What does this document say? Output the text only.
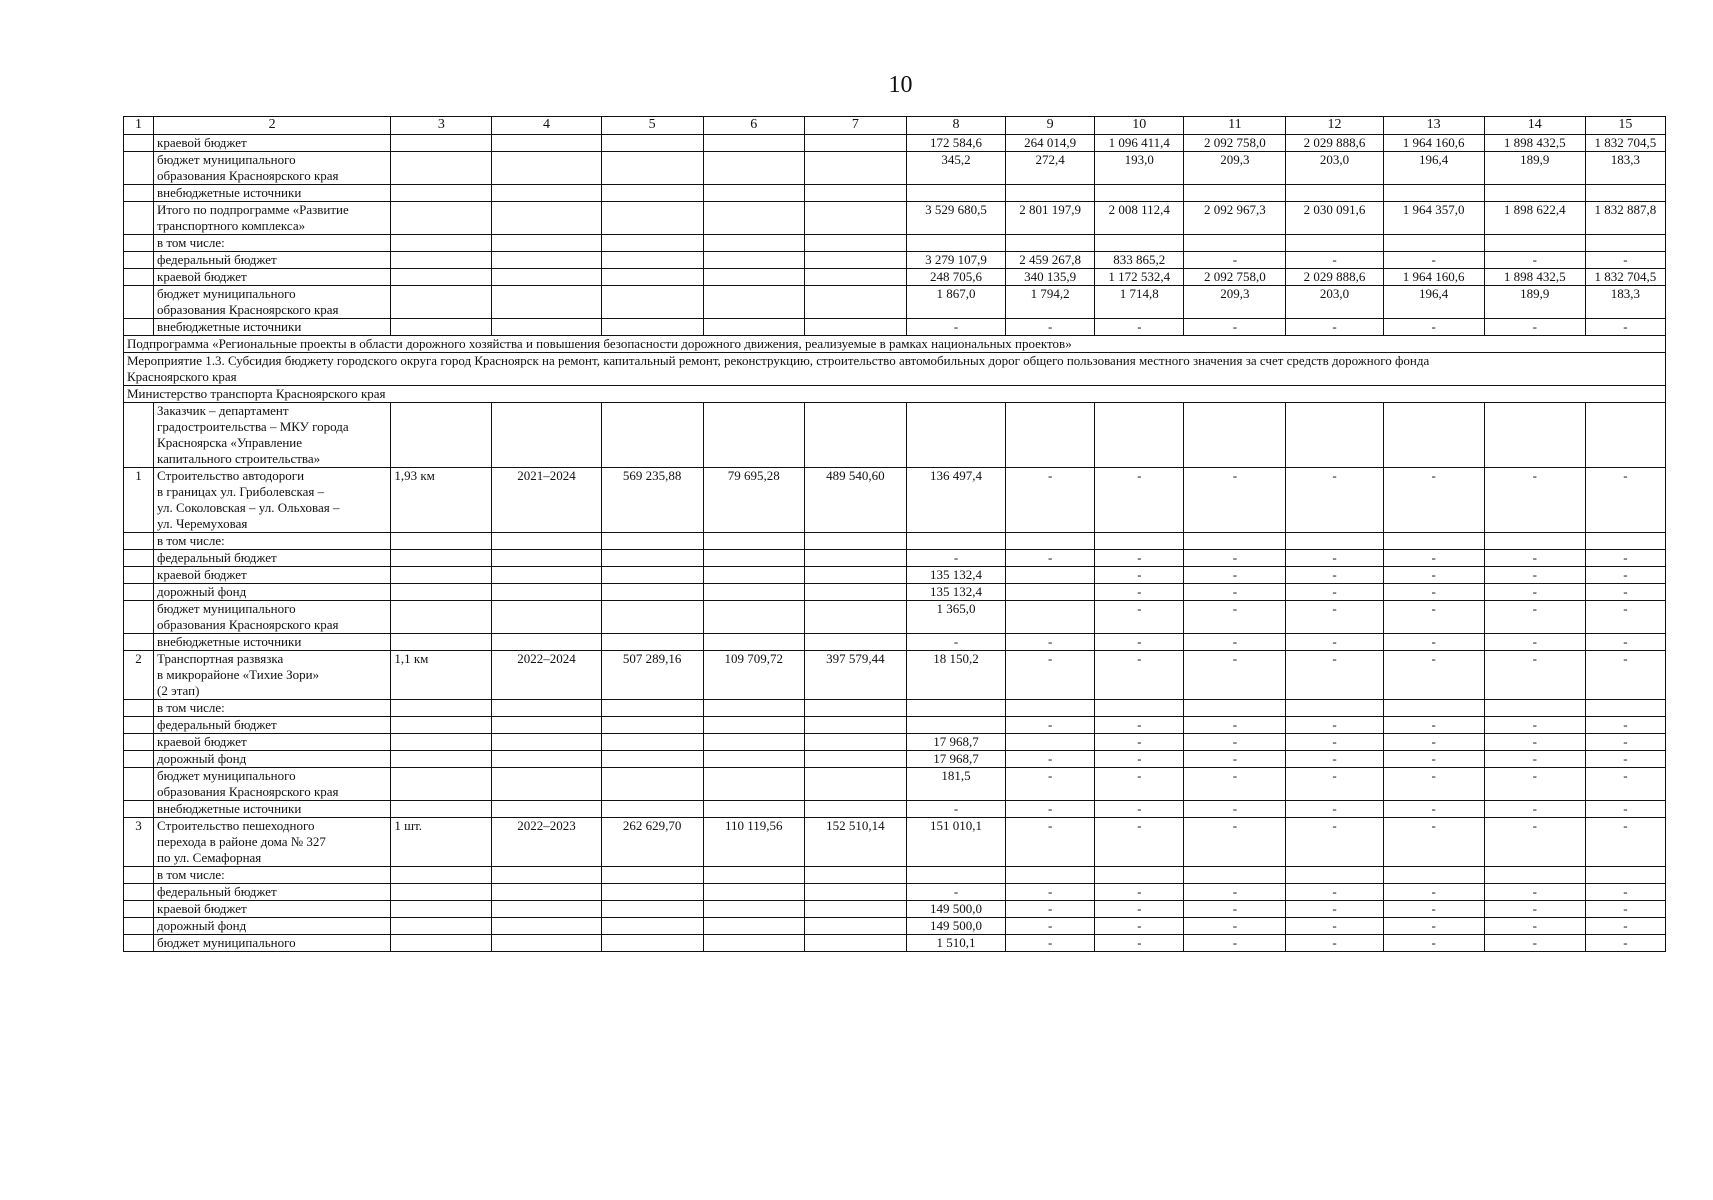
10
1	2	3	4	5	6	7	8	9	10	11	12	13	14	15
	краевой бюджет						172 584,6	264 014,9	1 096 411,4	2 092 758,0	2 029 888,6	1 964 160,6	1 898 432,5	1 832 704,5
	бюджет муниципального
образования Красноярского края						345,2	272,4	193,0	209,3	203,0	196,4	189,9	183,3
	внебюджетные источники													
	Итого по подпрограмме «Развитие
транспортного комплекса»						3 529 680,5	2 801 197,9	2 008 112,4	2 092 967,3	2 030 091,6	1 964 357,0	1 898 622,4	1 832 887,8
	в том числе:													
	федеральный бюджет						3 279 107,9	2 459 267,8	833 865,2	-	-	-	-	-
	краевой бюджет						248 705,6	340 135,9	1 172 532,4	2 092 758,0	2 029 888,6	1 964 160,6	1 898 432,5	1 832 704,5
	бюджет муниципального
образования Красноярского края						1 867,0	1 794,2	1 714,8	209,3	203,0	196,4	189,9	183,3
	внебюджетные источники						-	-	-	-	-	-	-	-
Подпрограмма «Региональные проекты в области дорожного хозяйства и повышения безопасности дорожного движения, реализуемые в рамках национальных проектов»														
Мероприятие 1.3. Субсидия бюджету городского округа город Красноярск на ремонт, капитальный ремонт, реконструкцию, строительство автомобильных дорог общего пользования местного значения за счет средств дорожного фонда
Красноярского края														
Министерство транспорта Красноярского края														
	Заказчик – департамент
градостроительства – МКУ города
Красноярска «Управление
капитального строительства»													
1	Строительство автодороги
в границах ул. Гриболевская –
ул. Соколовская – ул. Ольховая –
ул. Черемуховая	1,93 км	2021–2024	569 235,88	79 695,28	489 540,60	136 497,4	-	-	-	-	-	-	-
	в том числе:													
	федеральный бюджет						-	-	-	-	-	-	-	-
	краевой бюджет						135 132,4		-	-	-	-	-	-
	дорожный фонд						135 132,4		-	-	-	-	-	-
	бюджет муниципального
образования Красноярского края						1 365,0		-	-	-	-	-	-
	внебюджетные источники						-	-	-	-	-	-	-	-
2	Транспортная развязка
в микрорайоне «Тихие Зори»
(2 этап)	1,1 км	2022–2024	507 289,16	109 709,72	397 579,44	18 150,2	-	-	-	-	-	-	-
	в том числе:													
	федеральный бюджет							-	-	-	-	-	-	-
	краевой бюджет						17 968,7		-	-	-	-	-	-
	дорожный фонд						17 968,7	-	-	-	-	-	-	-
	бюджет муниципального
образования Красноярского края						181,5	-	-	-	-	-	-	-
	внебюджетные источники						-	-	-	-	-	-	-	-
3	Строительство пешеходного
перехода в районе дома № 327
по ул. Семафорная	1 шт.	2022–2023	262 629,70	110 119,56	152 510,14	151 010,1	-	-	-	-	-	-	-
	в том числе:													
	федеральный бюджет						-	-	-	-	-	-	-	-
	краевой бюджет						149 500,0	-	-	-	-	-	-	-
	дорожный фонд						149 500,0	-	-	-	-	-	-	-
	бюджет муниципального						1 510,1	-	-	-	-	-	-	-
